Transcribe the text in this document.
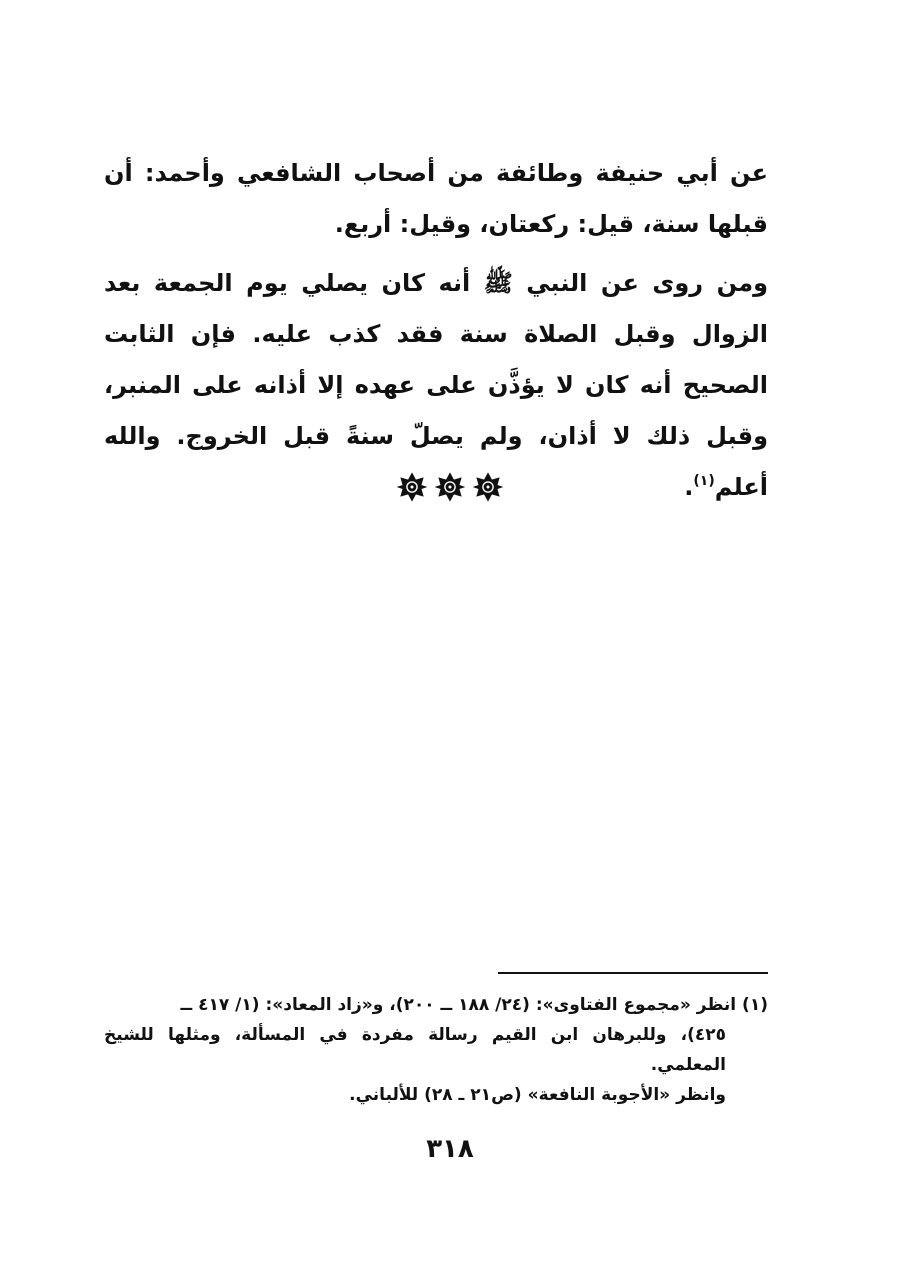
عن أبي حنيفة وطائفة من أصحاب الشافعي وأحمد: أن قبلها سنة، قيل: ركعتان، وقيل: أربع.

ومن روى عن النبي ﷺ أنه كان يصلي يوم الجمعة بعد الزوال وقبل الصلاة سنة فقد كذب عليه. فإن الثابت الصحيح أنه كان لا يؤذَّن على عهده إلا أذانه على المنبر، وقبل ذلك لا أذان، ولم يصلّ سنةً قبل الخروج. والله أعلم$^{(١)}$.

(١) انظر «مجموع الفتاوى»: (٢٤/ ١٨٨ ــ ٢٠٠)، و«زاد المعاد»: (١/ ٤١٧ ــ
٤٢٥)، وللبرهان ابن القيم رسالة مفردة في المسألة، ومثلها للشيخ المعلمي.
وانظر «الأجوبة النافعة» (ص٢١ ـ ٢٨) للألباني.
٣١٨
